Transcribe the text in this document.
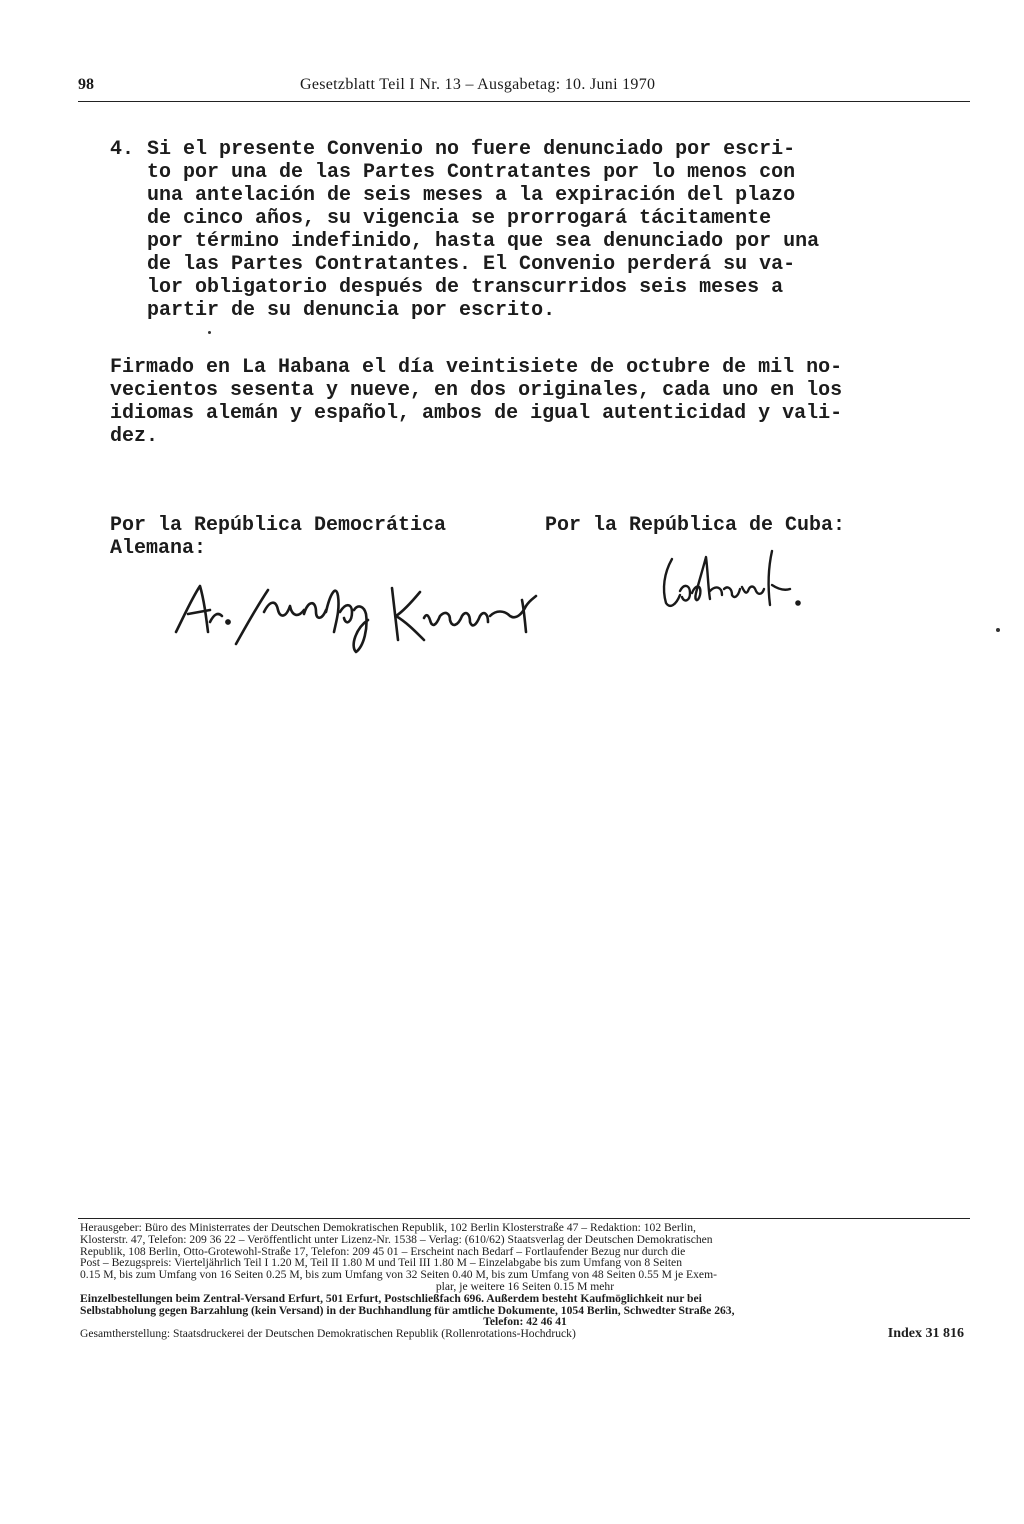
98	Gesetzblatt Teil I Nr. 13 – Ausgabetag: 10. Juni 1970
4. Si el presente Convenio no fuere denunciado por escri-
to por una de las Partes Contratantes por lo menos con
una antelación de seis meses a la expiración del plazo
de cinco años, su vigencia se prorrogará tácitamente
por término indefinido, hasta que sea denunciado por una
de las Partes Contratantes. El Convenio perderá su va-
lor obligatorio después de transcurridos seis meses a
partir de su denuncia por escrito.
Firmado en La Habana el día veintisiete de octubre de mil no-
vecientos sesenta y nueve, en dos originales, cada uno en los
idiomas alemán y español, ambos de igual autenticidad y vali-
dez.
Por la República Democrática
Alemana:
Por la República de Cuba:
Herausgeber: Büro des Ministerrates der Deutschen Demokratischen Republik, 102 Berlin Klosterstraße 47 – Redaktion: 102 Berlin,
Klosterstr. 47, Telefon: 209 36 22 – Veröffentlicht unter Lizenz-Nr. 1538 – Verlag: (610/62) Staatsverlag der Deutschen Demokratischen
Republik, 108 Berlin, Otto-Grotewohl-Straße 17, Telefon: 209 45 01 – Erscheint nach Bedarf – Fortlaufender Bezug nur durch die
Post – Bezugspreis: Vierteljährlich Teil I 1.20 M, Teil II 1.80 M und Teil III 1.80 M – Einzelabgabe bis zum Umfang von 8 Seiten
0.15 M, bis zum Umfang von 16 Seiten 0.25 M, bis zum Umfang von 32 Seiten 0.40 M, bis zum Umfang von 48 Seiten 0.55 M je Exem-
plar, je weitere 16 Seiten 0.15 M mehr
Einzelbestellungen beim Zentral-Versand Erfurt, 501 Erfurt, Postschließfach 696. Außerdem besteht Kaufmöglichkeit nur bei
Selbstabholung gegen Barzahlung (kein Versand) in der Buchhandlung für amtliche Dokumente, 1054 Berlin, Schwedter Straße 263,
Telefon: 42 46 41
Gesamtherstellung: Staatsdruckerei der Deutschen Demokratischen Republik (Rollenrotations-Hochdruck)	Index 31 816
